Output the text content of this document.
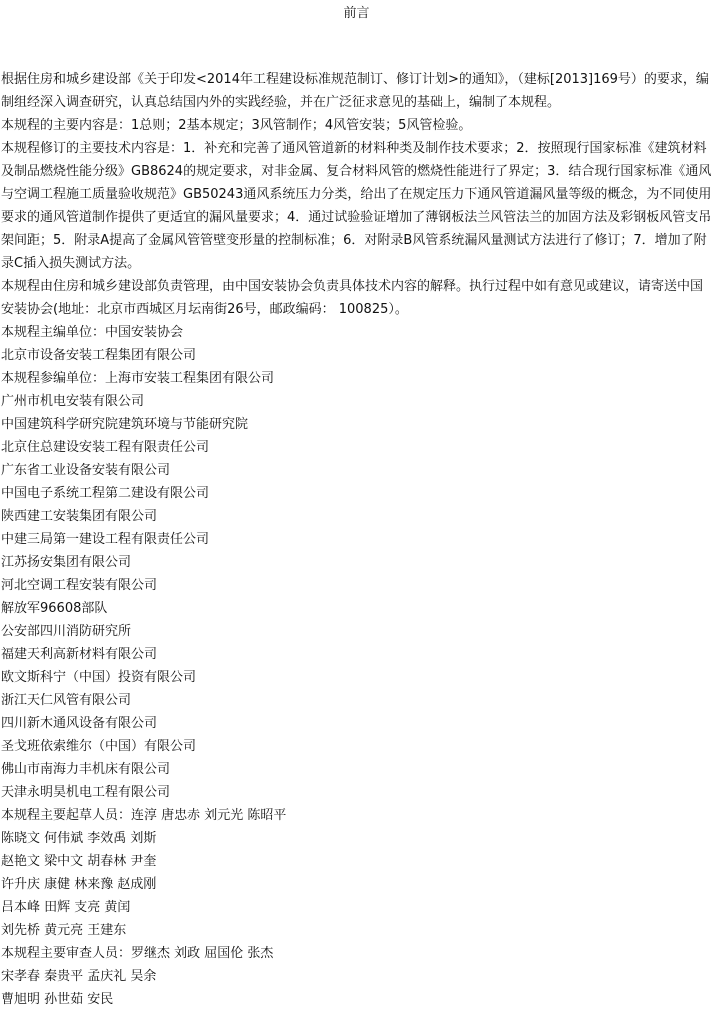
前言

根据住房和城乡建设部《关于印发<2014年工程建设标准规范制订、修订计划>的通知》，（建标[2013]169号）的要求，编制组经深入调查研究，认真总结国内外的实践经验，并在广泛征求意见的基础上，编制了本规程。

本规程的主要内容是：1总则；2基本规定；3风管制作；4风管安装；5风管检验。

本规程修订的主要技术内容是：1．补充和完善了通风管道新的材料种类及制作技术要求；2．按照现行国家标准《建筑材料及制品燃烧性能分级》GB8624的规定要求，对非金属、复合材料风管的燃烧性能进行了界定；3．结合现行国家标准《通风与空调工程施工质量验收规范》GB50243通风系统压力分类，给出了在规定压力下通风管道漏风量等级的概念，为不同使用要求的通风管道制作提供了更适宜的漏风量要求；4．通过试验验证增加了薄钢板法兰风管法兰的加固方法及彩钢板风管支吊架间距；5．附录A提高了金属风管管壁变形量的控制标准；6．对附录B风管系统漏风量测试方法进行了修订；7．增加了附录C插入损失测试方法。

本规程由住房和城乡建设部负责管理，由中国安装协会负责具体技术内容的解释。执行过程中如有意见或建议，请寄送中国安装协会(地址：北京市西城区月坛南街26号，邮政编码： 100825）。

本规程主编单位：中国安装协会

北京市设备安装工程集团有限公司

本规程参编单位：上海市安装工程集团有限公司

广州市机电安装有限公司

中国建筑科学研究院建筑环境与节能研究院

北京住总建设安装工程有限责任公司

广东省工业设备安装有限公司

中国电子系统工程第二建设有限公司

陕西建工安装集团有限公司

中建三局第一建设工程有限责任公司

江苏扬安集团有限公司

河北空调工程安装有限公司

解放军96608部队

公安部四川消防研究所

福建天利高新材料有限公司

欧文斯科宁（中国）投资有限公司

浙江天仁风管有限公司

四川新木通风设备有限公司

圣戈班依索维尔（中国）有限公司

佛山市南海力丰机床有限公司

天津永明昊机电工程有限公司

本规程主要起草人员：连淳 唐忠赤 刘元光 陈昭平

陈晓文 何伟斌 李效禹 刘斯

赵艳文 梁中文 胡春林 尹奎

许升庆 康健 林来豫 赵成刚

吕本峰 田辉 支亮 黄闰

刘先桥 黄元亮 王建东

本规程主要审查人员：罗继杰 刘政 屈国伦 张杰

宋孝春 秦贵平 孟庆礼 吴余

曹旭明 孙世茹 安民
